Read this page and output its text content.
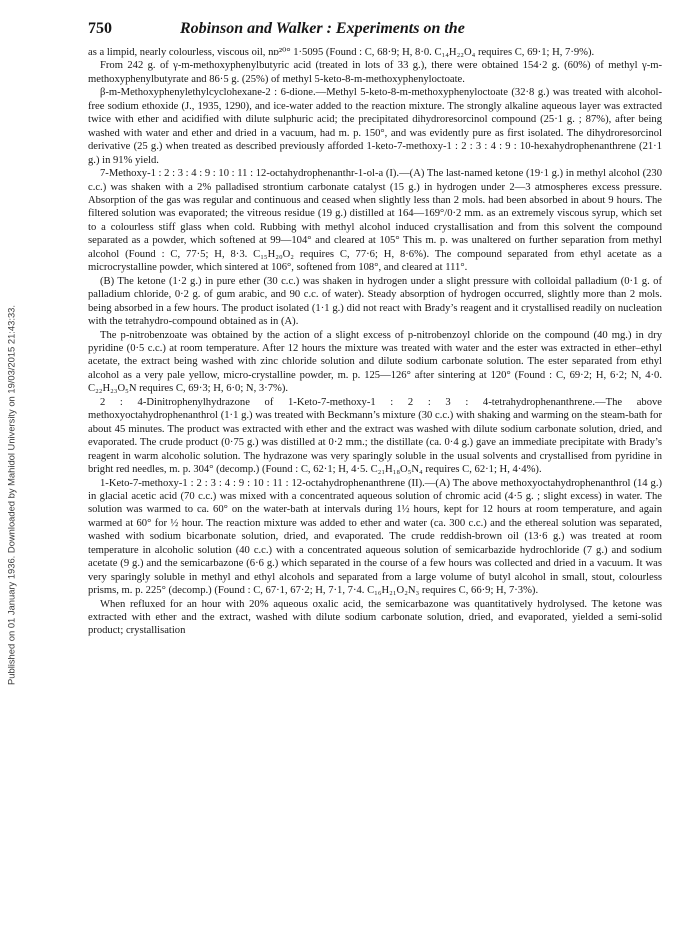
Published on 01 January 1936. Downloaded by Mahidol University on 19/03/2015 21:43:33.
750	Robinson and Walker : Experiments on the

as a limpid, nearly colourless, viscous oil, nᴅ²⁰° 1·5095 (Found : C, 68·9; H, 8·0. C₁₄H₂₂O₄ requires C, 69·1; H, 7·9%).

From 242 g. of γ-m-methoxyphenylbutyric acid (treated in lots of 33 g.), there were obtained 154·2 g. (60%) of methyl γ-m-methoxyphenylbutyrate and 86·5 g. (25%) of methyl 5-keto-8-m-methoxyphenyloctoate.

β-m-Methoxyphenylethylcyclohexane-2 : 6-dione.—Methyl 5-keto-8-m-methoxyphenyloctoate (32·8 g.) was treated with alcohol-free sodium ethoxide (J., 1935, 1290), and ice-water added to the reaction mixture. The strongly alkaline aqueous layer was extracted twice with ether and acidified with dilute sulphuric acid; the precipitated dihydroresorcinol compound (25·1 g. ; 87%), after being washed with water and ether and dried in a vacuum, had m. p. 150°, and was evidently pure as first isolated. The dihydroresorcinol derivative (25 g.) when treated as described previously afforded 1-keto-7-methoxy-1 : 2 : 3 : 4 : 9 : 10-hexahydrophenanthrene (21·1 g.) in 91% yield.

7-Methoxy-1 : 2 : 3 : 4 : 9 : 10 : 11 : 12-octahydrophenanthr-1-ol-a (I).—(A) The last-named ketone (19·1 g.) in methyl alcohol (230 c.c.) was shaken with a 2% palladised strontium carbonate catalyst (15 g.) in hydrogen under 2—3 atmospheres excess pressure. Absorption of the gas was regular and continuous and ceased when slightly less than 2 mols. had been absorbed in about 9 hours. The filtered solution was evaporated; the vitreous residue (19 g.) distilled at 164—169°/0·2 mm. as an extremely viscous syrup, which set to a colourless stiff glass when cold. Rubbing with methyl alcohol induced crystallisation and from this solvent the compound separated as a powder, which softened at 99—104° and cleared at 105° This m. p. was unaltered on further separation from methyl alcohol (Found : C, 77·5; H, 8·3. C₁₅H₂₀O₂ requires C, 77·6; H, 8·6%). The compound separated from ethyl acetate as a microcrystalline powder, which sintered at 106°, softened from 108°, and cleared at 111°.

(B) The ketone (1·2 g.) in pure ether (30 c.c.) was shaken in hydrogen under a slight pressure with colloidal palladium (0·1 g. of palladium chloride, 0·2 g. of gum arabic, and 90 c.c. of water). Steady absorption of hydrogen occurred, slightly more than 2 mols. being absorbed in a few hours. The product isolated (1·1 g.) did not react with Brady’s reagent and it crystallised readily on nucleation with the tetrahydro-compound obtained as in (A).

The p-nitrobenzoate was obtained by the action of a slight excess of p-nitrobenzoyl chloride on the compound (40 mg.) in dry pyridine (0·5 c.c.) at room temperature. After 12 hours the mixture was treated with water and the ester was extracted in ether–ethyl acetate, the extract being washed with zinc chloride solution and dilute sodium carbonate solution. The ester separated from ethyl alcohol as a very pale yellow, micro-crystalline powder, m. p. 125—126° after sintering at 120° (Found : C, 69·2; H, 6·2; N, 4·0. C₂₂H₂₃O₅N requires C, 69·3; H, 6·0; N, 3·7%).

2 : 4-Dinitrophenylhydrazone of 1-Keto-7-methoxy-1 : 2 : 3 : 4-tetrahydrophenanthrene.—The above methoxyoctahydrophenanthrol (1·1 g.) was treated with Beckmann’s mixture (30 c.c.) with shaking and warming on the steam-bath for about 45 minutes. The product was extracted with ether and the extract was washed with dilute sodium carbonate solution, dried, and evaporated. The crude product (0·75 g.) was distilled at 0·2 mm.; the distillate (ca. 0·4 g.) gave an immediate precipitate with Brady’s reagent in warm alcoholic solution. The hydrazone was very sparingly soluble in the usual solvents and crystallised from pyridine in bright red needles, m. p. 304° (decomp.) (Found : C, 62·1; H, 4·5. C₂₁H₁₈O₅N₄ requires C, 62·1; H, 4·4%).

1-Keto-7-methoxy-1 : 2 : 3 : 4 : 9 : 10 : 11 : 12-octahydrophenanthrene (II).—(A) The above methoxyoctahydrophenanthrol (14 g.) in glacial acetic acid (70 c.c.) was mixed with a concentrated aqueous solution of chromic acid (4·5 g. ; slight excess) in water. The solution was warmed to ca. 60° on the water-bath at intervals during 1½ hours, kept for 12 hours at room temperature, and again warmed at 60° for ½ hour. The reaction mixture was added to ether and water (ca. 300 c.c.) and the ethereal solution was separated, washed with sodium bicarbonate solution, dried, and evaporated. The crude reddish-brown oil (13·6 g.) was treated at room temperature in alcoholic solution (40 c.c.) with a concentrated aqueous solution of semicarbazide hydrochloride (7 g.) and sodium acetate (9 g.) and the semicarbazone (6·6 g.) which separated in the course of a few hours was collected and dried in a vacuum. It was very sparingly soluble in methyl and ethyl alcohols and separated from a large volume of butyl alcohol in small, stout, colourless prisms, m. p. 225° (decomp.) (Found : C, 67·1, 67·2; H, 7·1, 7·4. C₁₆H₂₁O₂N₃ requires C, 66·9; H, 7·3%).

When refluxed for an hour with 20% aqueous oxalic acid, the semicarbazone was quantitatively hydrolysed. The ketone was extracted with ether and the extract, washed with dilute sodium carbonate solution, dried, and evaporated, yielded a semi-solid product; crystallisation
